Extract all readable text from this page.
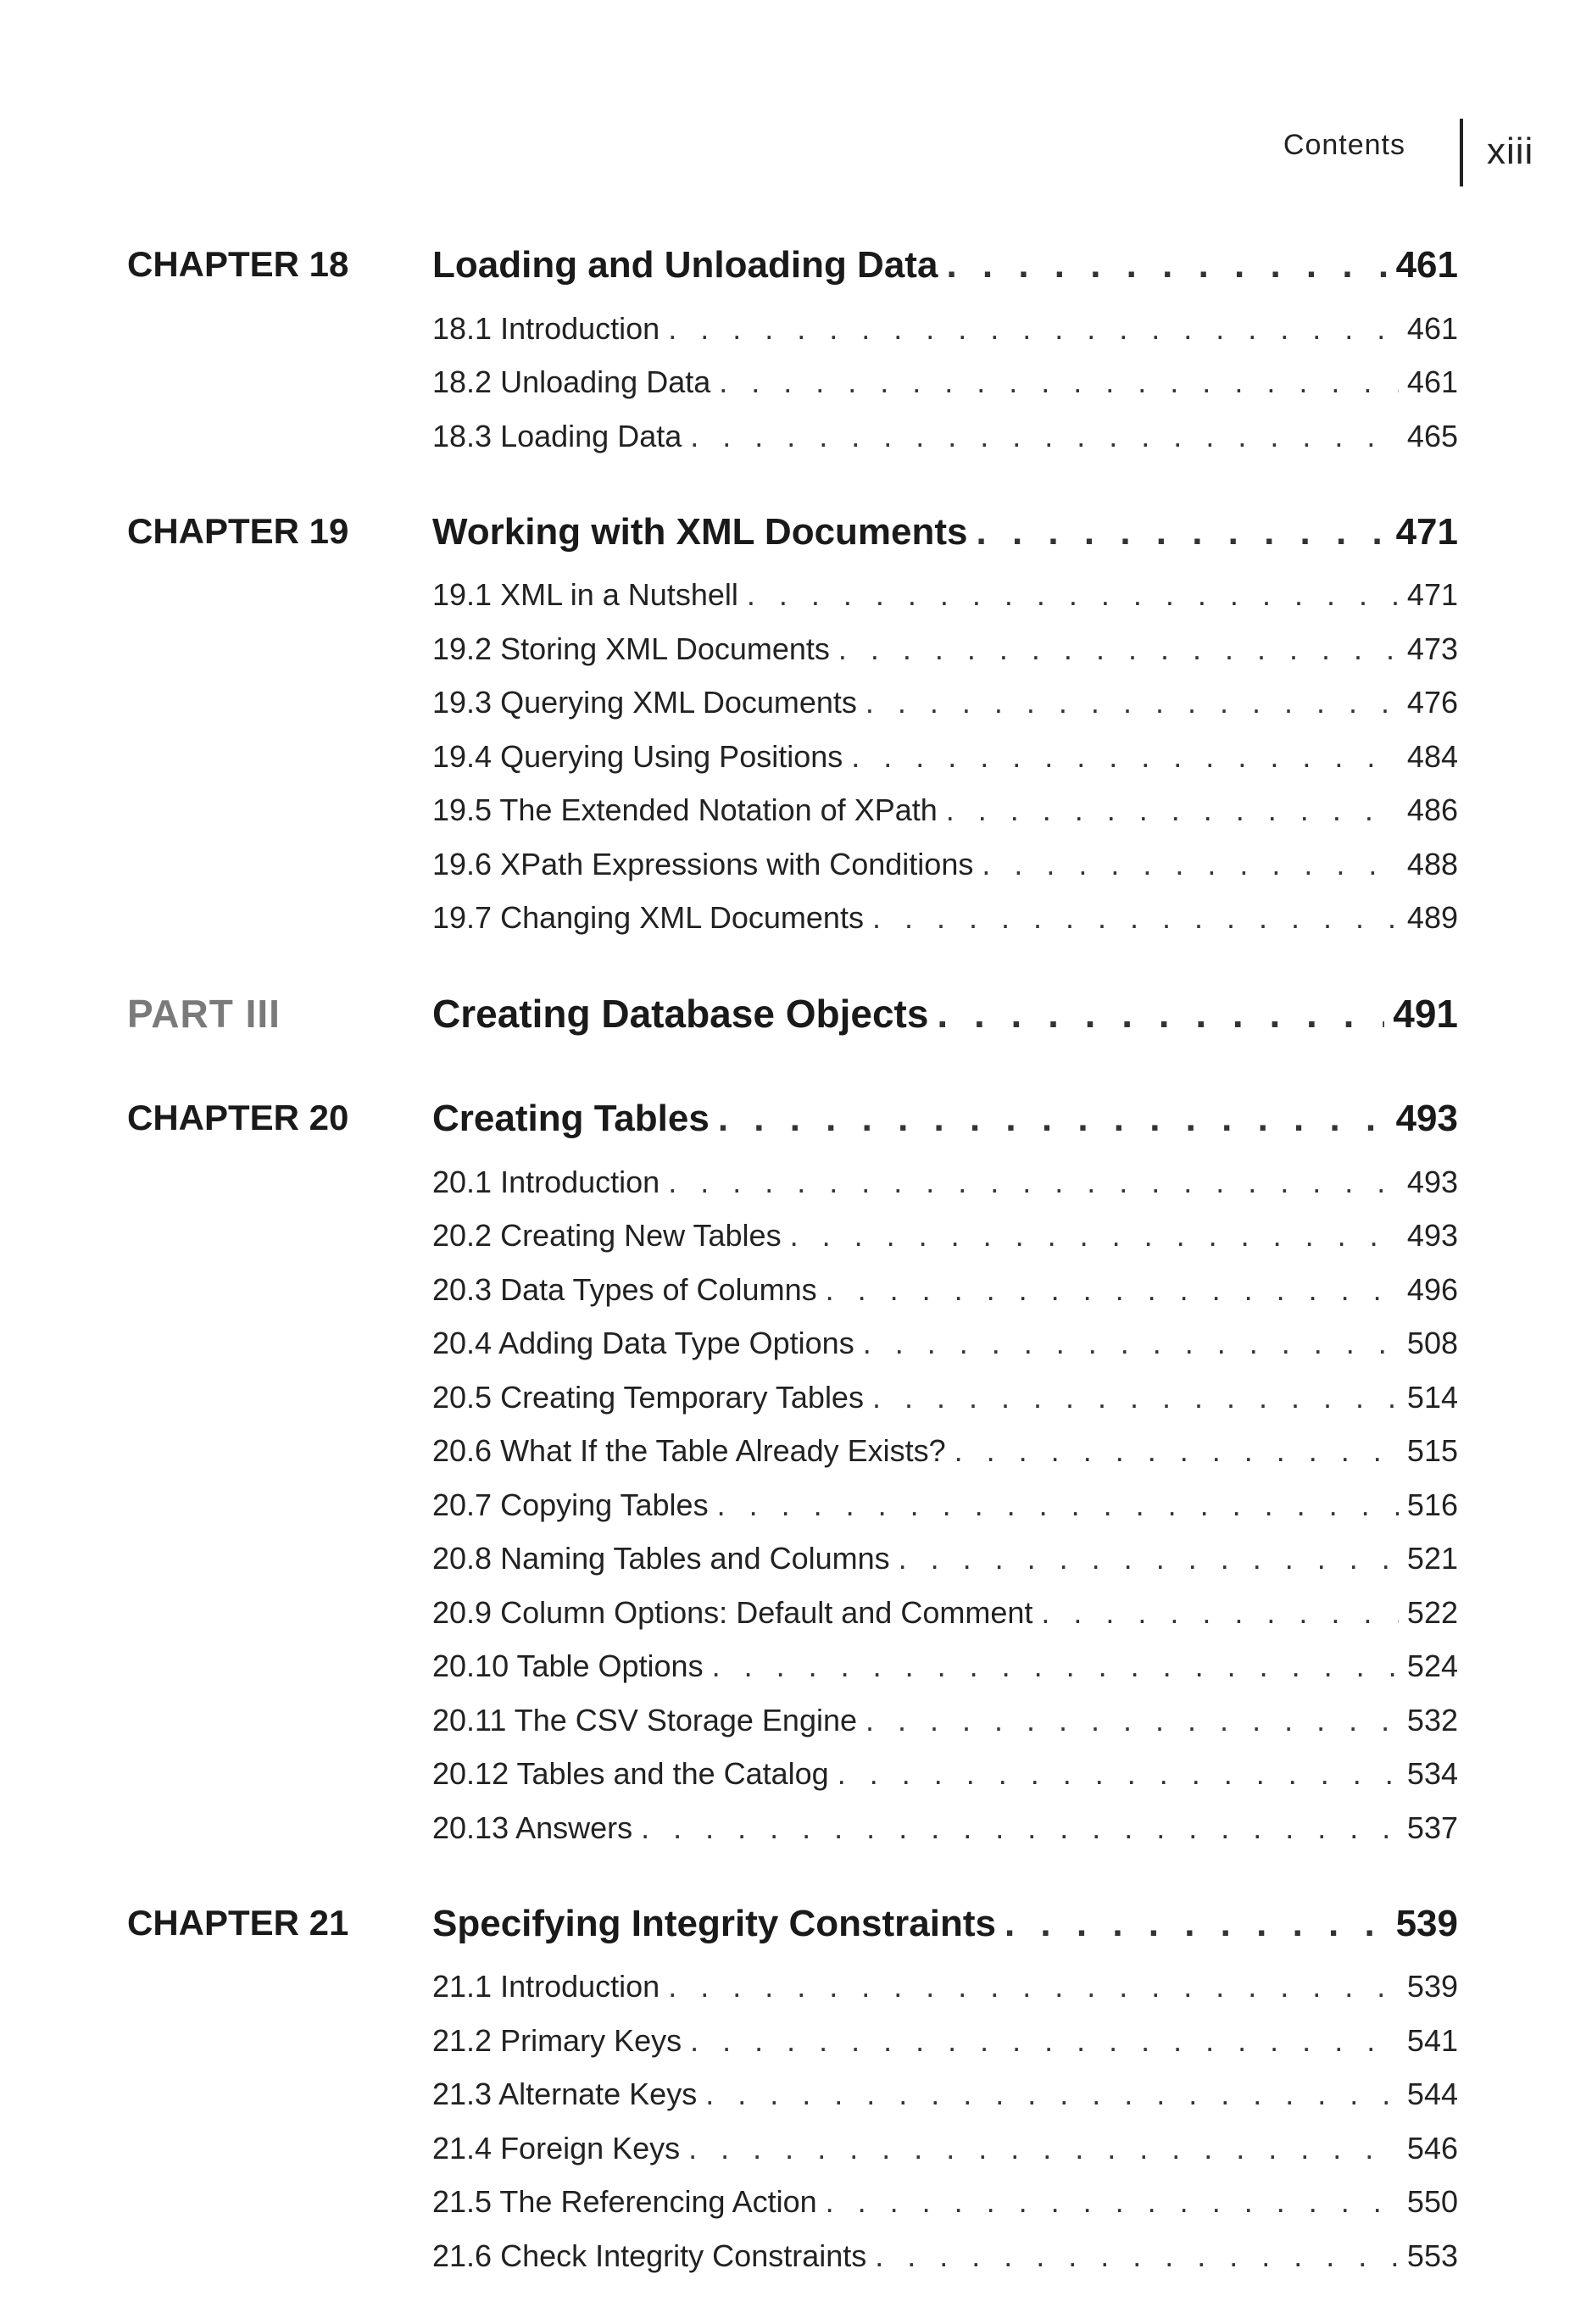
Contents xiii
CHAPTER 18 Loading and Unloading Data . . .	461
18.1 Introduction . . .	461
18.2 Unloading Data . . .	461
18.3 Loading Data . . .	465
CHAPTER 19 Working with XML Documents . . .	471
19.1 XML in a Nutshell . . .	471
19.2 Storing XML Documents . . .	473
19.3 Querying XML Documents . . .	476
19.4 Querying Using Positions . . .	484
19.5 The Extended Notation of XPath . . .	486
19.6 XPath Expressions with Conditions . . .	488
19.7 Changing XML Documents . . .	489
PART III	Creating Database Objects . . .	491
CHAPTER 20 Creating Tables . . .	493
20.1 Introduction . . .	493
20.2 Creating New Tables . . .	493
20.3 Data Types of Columns . . .	496
20.4 Adding Data Type Options . . .	508
20.5 Creating Temporary Tables . . .	514
20.6 What If the Table Already Exists? . . .	515
20.7 Copying Tables . . .	516
20.8 Naming Tables and Columns . . .	521
20.9 Column Options: Default and Comment . . .	522
20.10 Table Options . . .	524
20.11 The CSV Storage Engine . . .	532
20.12 Tables and the Catalog . . .	534
20.13 Answers . . .	537
CHAPTER 21 Specifying Integrity Constraints . . .	539
21.1 Introduction . . .	539
21.2 Primary Keys . . .	541
21.3 Alternate Keys . . .	544
21.4 Foreign Keys . . .	546
21.5 The Referencing Action . . .	550
21.6 Check Integrity Constraints . . .	553
